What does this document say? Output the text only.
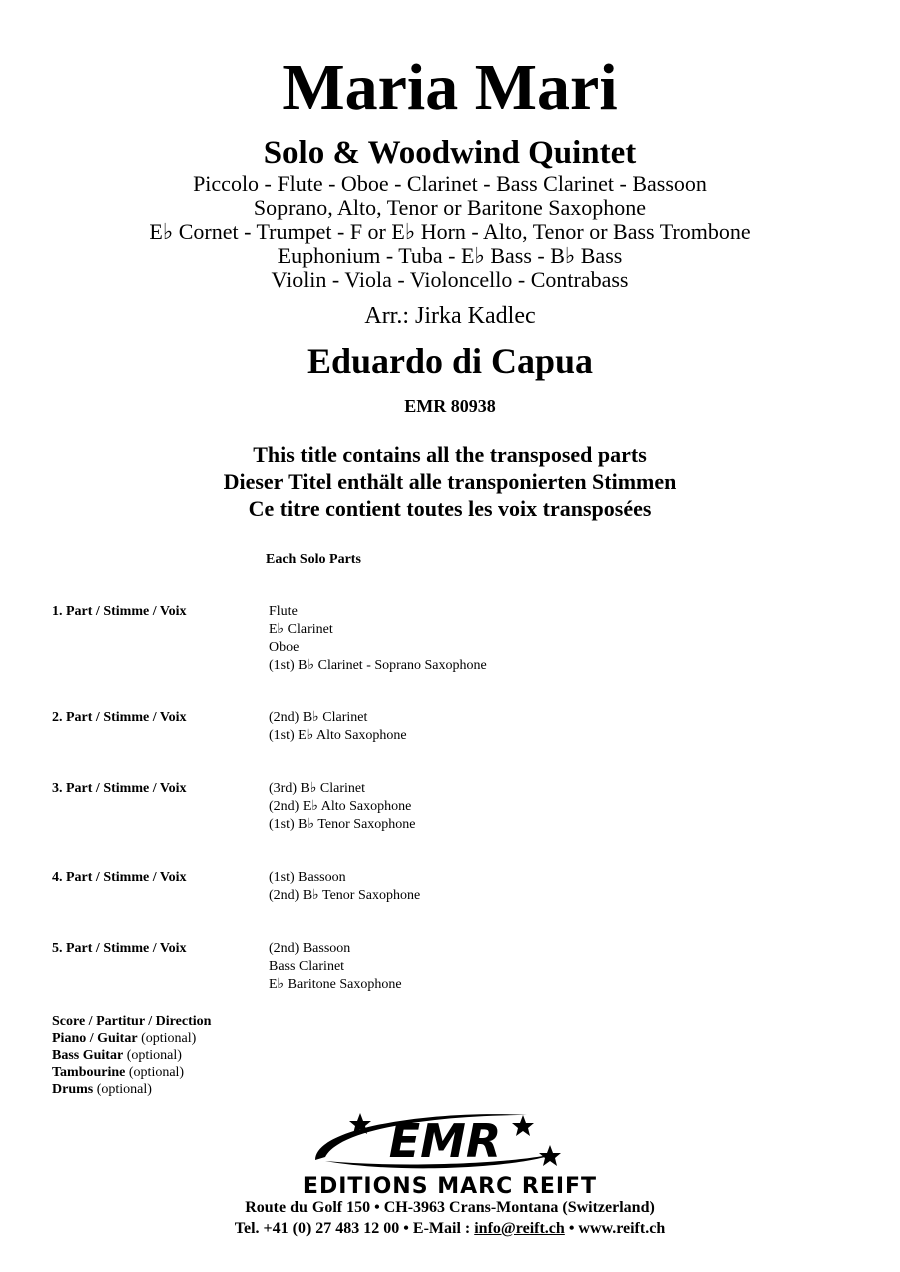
Maria Mari
Solo & Woodwind Quintet
Piccolo - Flute - Oboe - Clarinet - Bass Clarinet - Bassoon
Soprano, Alto, Tenor or Baritone Saxophone
E♭ Cornet - Trumpet - F or E♭ Horn - Alto, Tenor or Bass Trombone
Euphonium - Tuba - E♭ Bass - B♭ Bass
Violin - Viola - Violoncello - Contrabass
Arr.: Jirka Kadlec
Eduardo di Capua
EMR 80938
This title contains all the transposed parts
Dieser Titel enthält alle transponierten Stimmen
Ce titre contient toutes les voix transposées
Each Solo Parts
1. Part / Stimme / Voix	Flute
E♭ Clarinet
Oboe
(1st) B♭ Clarinet - Soprano Saxophone
2. Part / Stimme / Voix	(2nd) B♭ Clarinet
(1st) E♭ Alto Saxophone
3. Part / Stimme / Voix	(3rd) B♭ Clarinet
(2nd) E♭ Alto Saxophone
(1st) B♭ Tenor Saxophone
4. Part / Stimme / Voix	(1st) Bassoon
(2nd) B♭ Tenor Saxophone
5. Part / Stimme / Voix	(2nd) Bassoon
Bass Clarinet
E♭ Baritone Saxophone
Score / Partitur / Direction
Piano / Guitar (optional)
Bass Guitar (optional)
Tambourine (optional)
Drums (optional)
EMR
EDITIONS MARC REIFT
Route du Golf 150 • CH-3963 Crans-Montana (Switzerland)
Tel. +41 (0) 27 483 12 00 • E-Mail : info@reift.ch • www.reift.ch
